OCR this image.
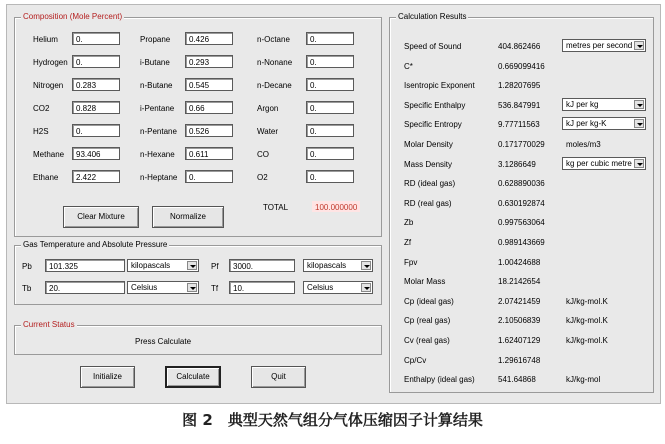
Composition (Mole Percent)
Helium	0.
Hydrogen	0.
Nitrogen	0.283
CO2	0.828
H2S	0.
Methane	93.406
Ethane	2.422
Propane	0.426
i-Butane	0.293
n-Butane	0.545
i-Pentane	0.66
n-Pentane	0.526
n-Hexane	0.611
n-Heptane	0.
n-Octane	0.
n-Nonane	0.
n-Decane	0.
Argon	0.
Water	0.
CO	0.
O2	0.
TOTAL	100.000000
Clear Mixture	Normalize
Gas Temperature and Absolute Pressure
Pb	101.325	kilopascals	Pf	3000.	kilopascals
Tb	20.	Celsius	Tf	10.	Celsius
Current Status
Press Calculate
Initialize	Calculate	Quit
Calculation Results
Speed of Sound	404.862466	metres per second
C*	0.669099416
Isentropic Exponent	1.28207695
Specific Enthalpy	536.847991	kJ per kg
Specific Entropy	9.77711563	kJ per kg-K
Molar Density	0.171770029	moles/m3
Mass Density	3.1286649	kg per cubic metre
RD (ideal gas)	0.628890036
RD (real gas)	0.630192874
Zb	0.997563064
Zf	0.989143669
Fpv	1.00424688
Molar Mass	18.2142654
Cp (ideal gas)	2.07421459	kJ/kg-mol.K
Cp (real gas)	2.10506839	kJ/kg-mol.K
Cv (real gas)	1.62407129	kJ/kg-mol.K
Cp/Cv	1.29616748
Enthalpy (ideal gas)	541.64868	kJ/kg-mol
图 2　典型天然气组分气体压缩因子计算结果
